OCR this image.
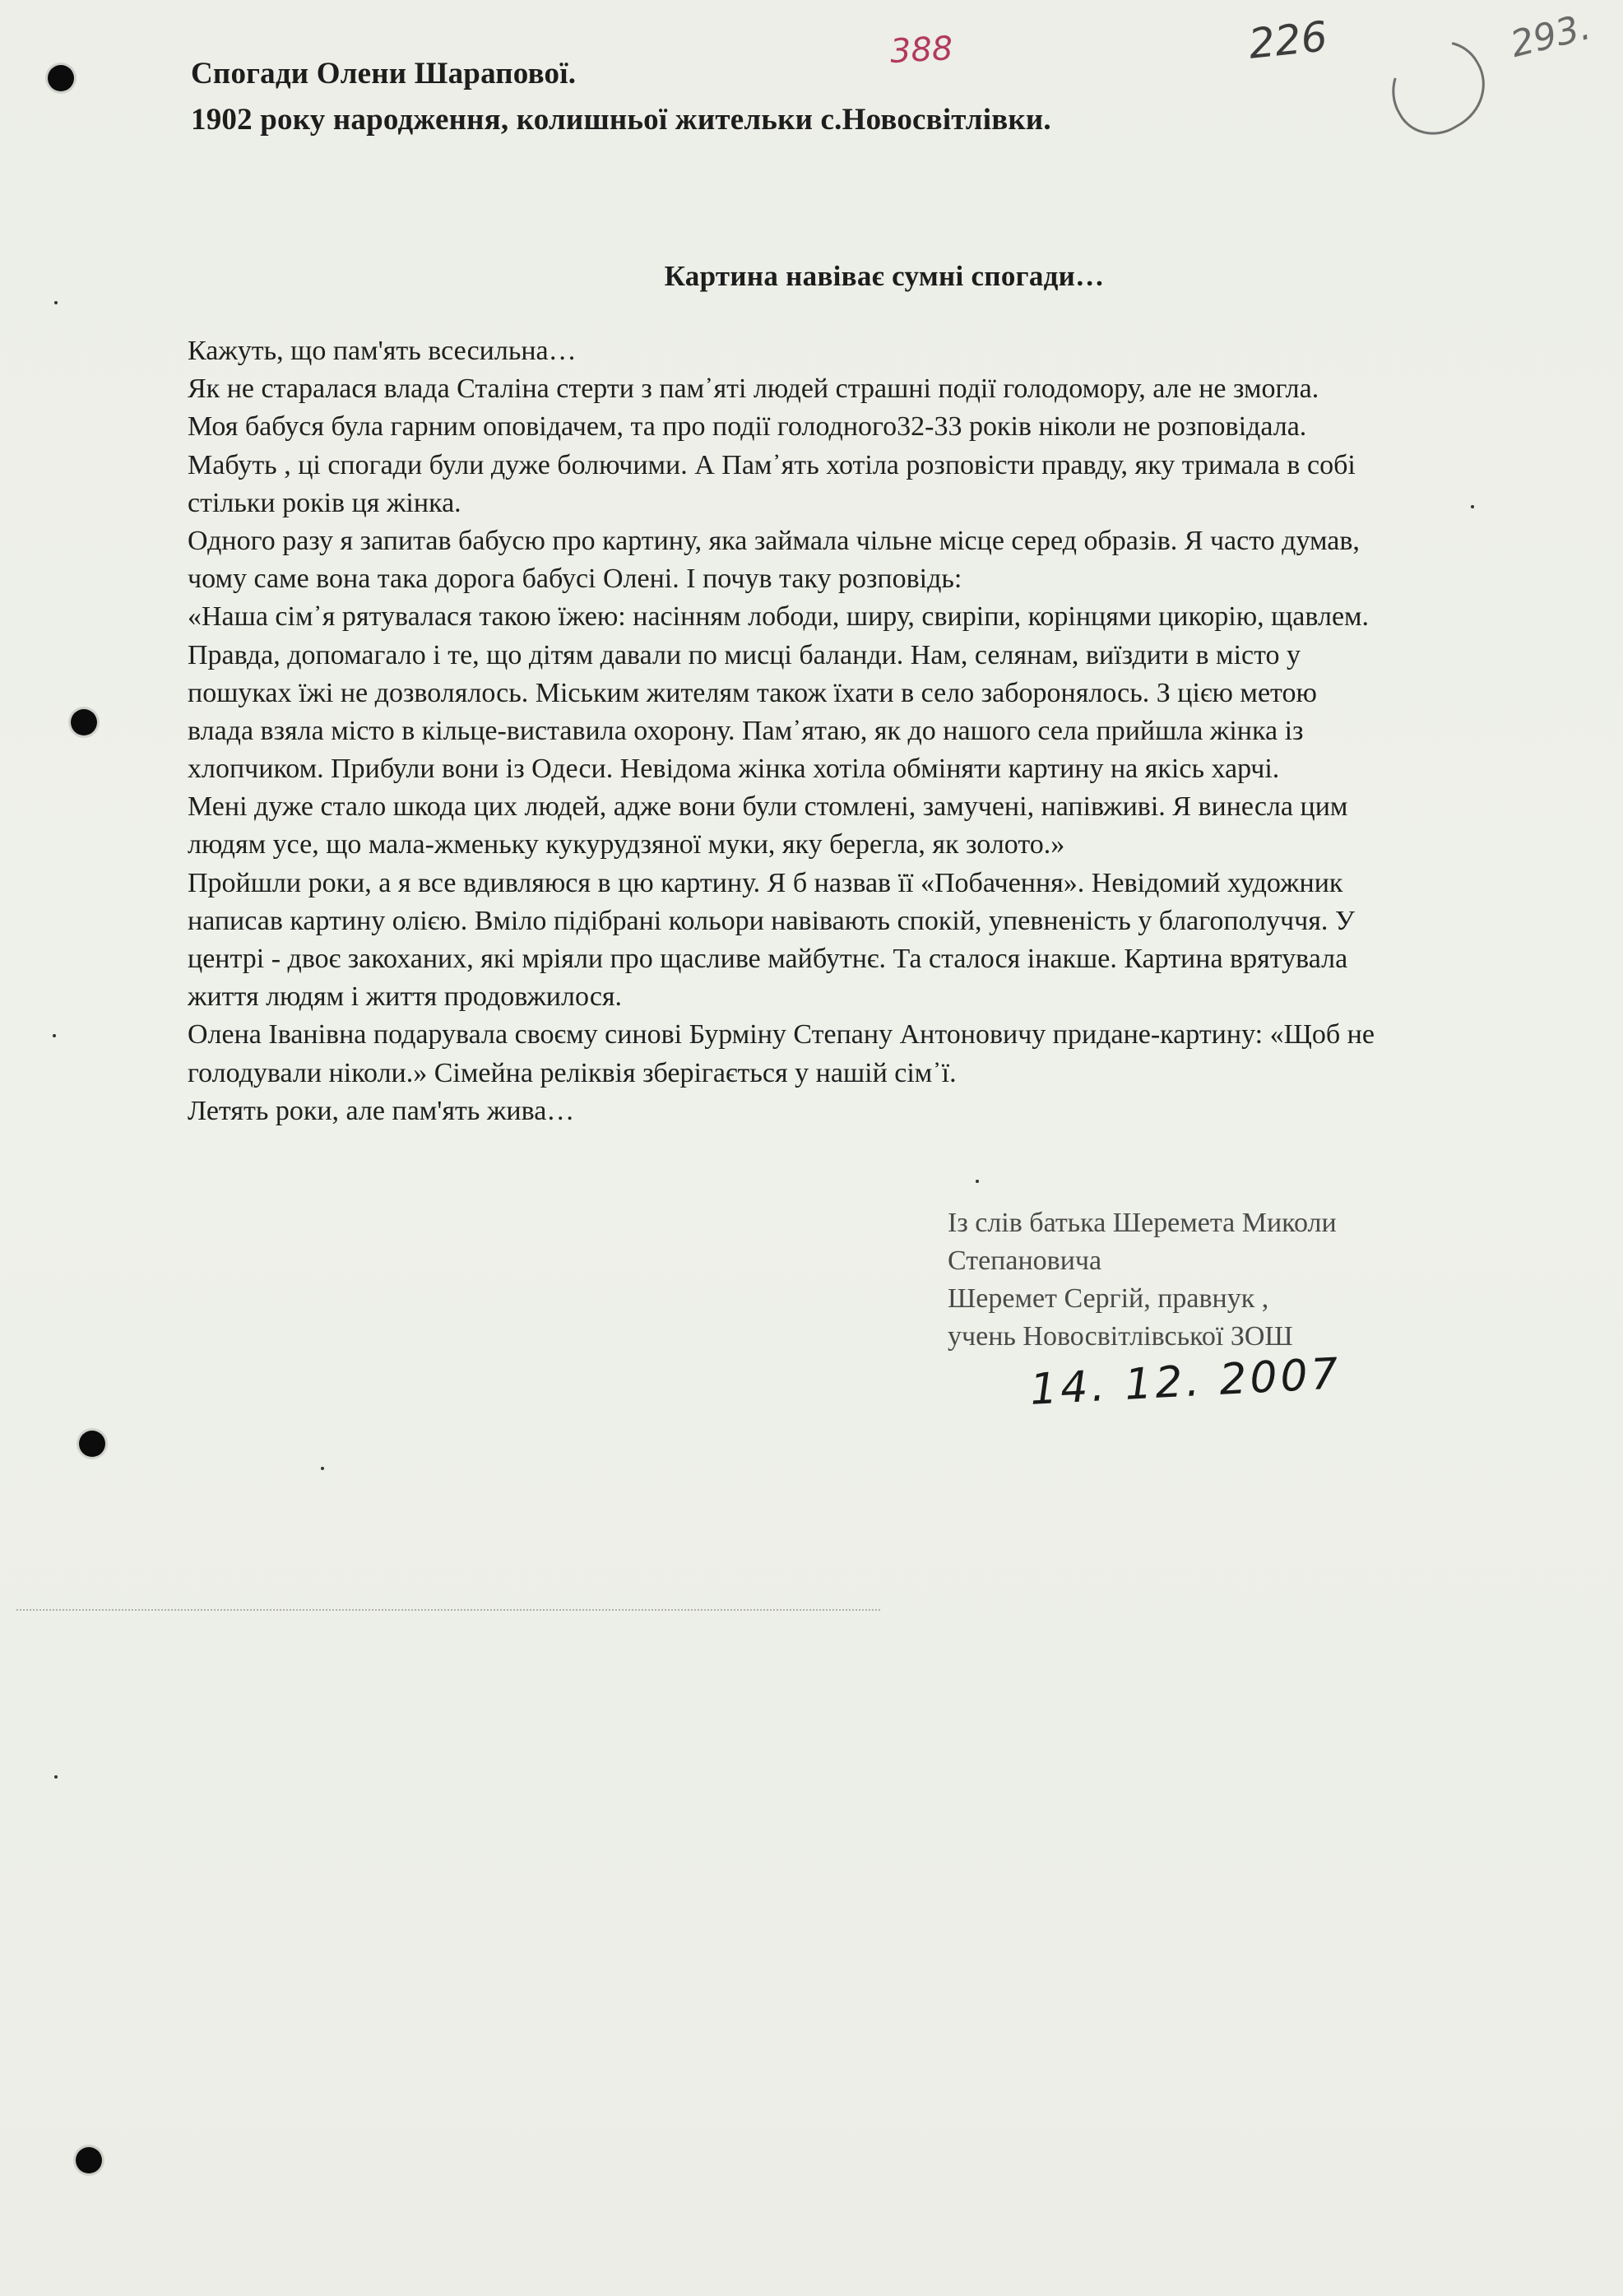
Спогади Олени Шарапової.
1902 року народження, колишньої жительки с.Новосвітлівки.
388	226	293.
Картина навіває сумні спогади…
Кажуть, що пам'ять всесильна…
Як не старалася влада Сталіна стерти з пам᾽яті людей страшні події голодомору, але не змогла.
Моя бабуся була гарним оповідачем, та про події голодного32-33 років ніколи не розповідала.
Мабуть , ці спогади були дуже болючими. А Пам᾽ять хотіла розповісти правду, яку тримала в собі
стільки років ця жінка.
Одного разу я запитав бабусю про картину, яка займала чільне місце серед образів. Я часто думав,
чому саме вона така дорога бабусі Олені. І почув таку розповідь:
«Наша сім᾽я рятувалася такою їжею: насінням лободи, ширу, свиріпи, корінцями цикорію, щавлем.
Правда, допомагало і те, що дітям давали по мисці баланди. Нам, селянам, виїздити в місто у
пошуках їжі не дозволялось. Міським жителям також їхати в село заборонялось. З цією метою
влада взяла місто в кільце-виставила охорону. Пам᾽ятаю, як до нашого села прийшла жінка із
хлопчиком. Прибули вони із Одеси. Невідома жінка хотіла обміняти картину на якісь харчі.
Мені дуже стало шкода цих людей, адже вони були стомлені, замучені, напівживі. Я винесла цим
людям усе, що мала-жменьку кукурудзяної муки, яку берегла, як золото.»
Пройшли роки, а я все вдивляюся в цю картину. Я б назвав її «Побачення». Невідомий художник
написав картину олією. Вміло підібрані кольори навівають спокій, упевненість у благополуччя. У
центрі - двоє закоханих, які мріяли про щасливе майбутнє. Та сталося інакше. Картина врятувала
життя людям і життя продовжилося.
Олена Іванівна подарувала своєму синові Бурміну Степану Антоновичу придане-картину: «Щоб не
голодували ніколи.» Сімейна реліквія зберігається у нашій сім᾽ї.
Летять роки, але пам'ять жива…
Із слів батька Шеремета Миколи
Степановича
Шеремет Сергій, правнук ,
учень Новосвітлівської ЗОШ
14. 12. 2007
